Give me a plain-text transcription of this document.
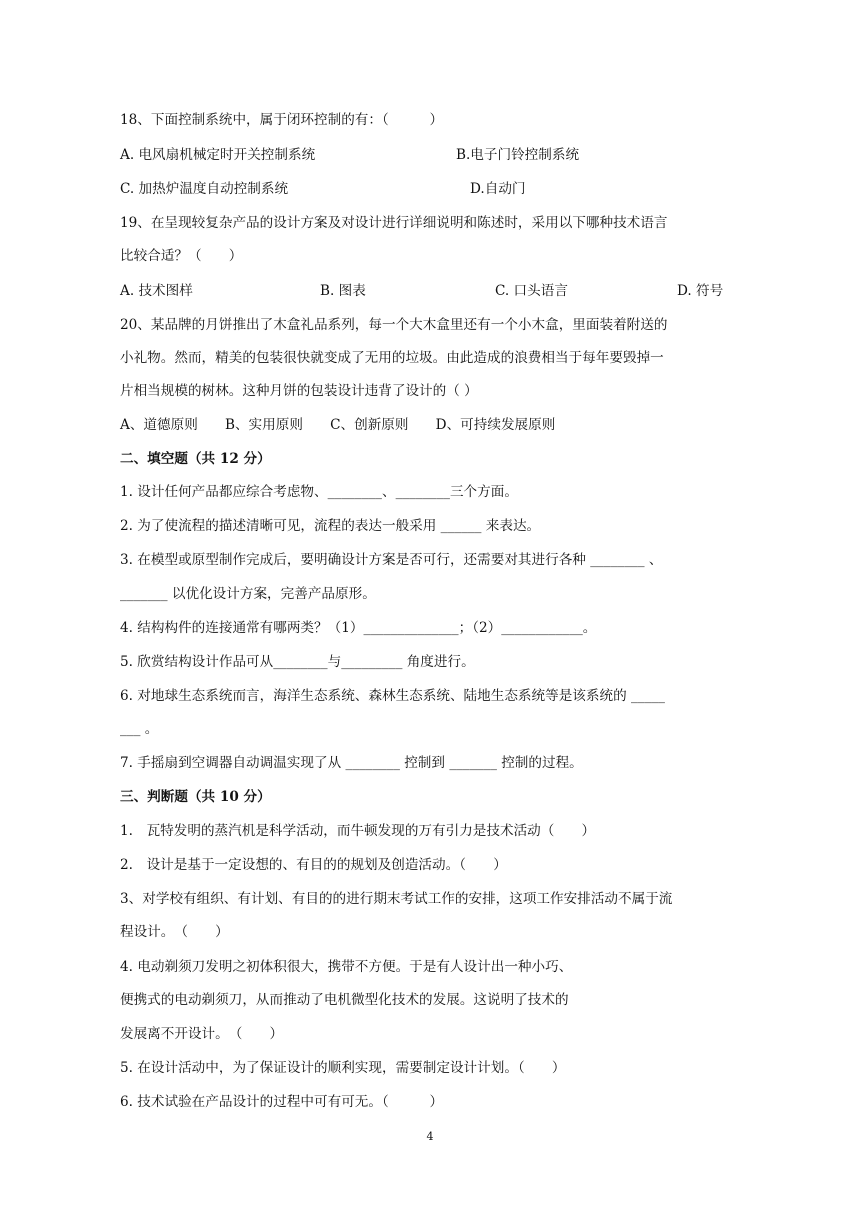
18、下面控制系统中，属于闭环控制的有：（　　　）
A. 电风扇机械定时开关控制系统	B.电子门铃控制系统
C. 加热炉温度自动控制系统	D.自动门
19、在呈现较复杂产品的设计方案及对设计进行详细说明和陈述时，采用以下哪种技术语言
比较合适？（　　）
A. 技术图样	B. 图表	C. 口头语言	D. 符号
20、某品牌的月饼推出了木盒礼品系列，每一个大木盒里还有一个小木盒，里面装着附送的
小礼物。然而，精美的包装很快就变成了无用的垃圾。由此造成的浪费相当于每年要毁掉一
片相当规模的树林。这种月饼的包装设计违背了设计的（ ）
A、道德原则　　B、实用原则　　C、创新原则　　D、可持续发展原则
二、填空题（共 12 分）
1. 设计任何产品都应综合考虑物、________、________三个方面。
2. 为了使流程的描述清晰可见，流程的表达一般采用 ______ 来表达。
3. 在模型或原型制作完成后，要明确设计方案是否可行，还需要对其进行各种 ________ 、
_______ 以优化设计方案，完善产品原形。
4. 结构构件的连接通常有哪两类？（1）______________；（2）____________。
5. 欣赏结构设计作品可从________与_________ 角度进行。
6. 对地球生态系统而言，海洋生态系统、森林生态系统、陆地生态系统等是该系统的 _____
___ 。
7. 手摇扇到空调器自动调温实现了从 ________ 控制到 _______ 控制的过程。
三、判断题（共 10 分）
1.　瓦特发明的蒸汽机是科学活动，而牛顿发现的万有引力是技术活动（　　）
2.　设计是基于一定设想的、有目的的规划及创造活动。（　　）
3、对学校有组织、有计划、有目的的进行期末考试工作的安排，这项工作安排活动不属于流
程设计。　（　　）
4. 电动剃须刀发明之初体积很大，携带不方便。于是有人设计出一种小巧、
便携式的电动剃须刀，从而推动了电机微型化技术的发展。这说明了技术的
发展离不开设计。　（　　）
5. 在设计活动中，为了保证设计的顺利实现，需要制定设计计划。（　　）
6. 技术试验在产品设计的过程中可有可无。（　　　）
4
